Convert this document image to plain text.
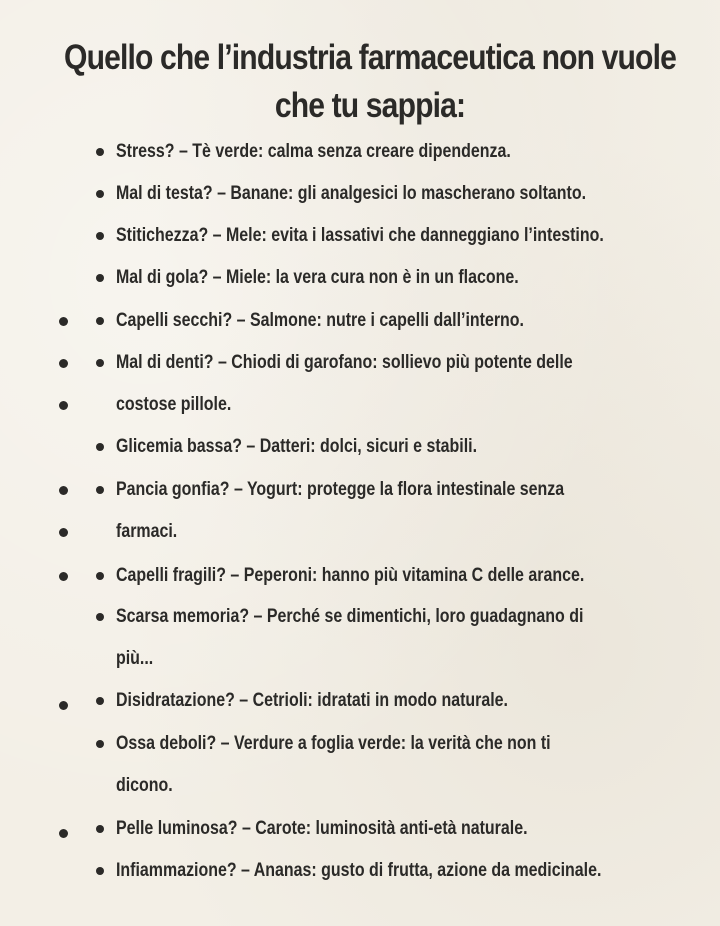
Quello che l’industria farmaceutica non vuole
che tu sappia:
Stress? – Tè verde: calma senza creare dipendenza.
Mal di testa? – Banane: gli analgesici lo mascherano soltanto.
Stitichezza? – Mele: evita i lassativi che danneggiano l’intestino.
Mal di gola? – Miele: la vera cura non è in un flacone.
Capelli secchi? – Salmone: nutre i capelli dall’interno.
Mal di denti? – Chiodi di garofano: sollievo più potente delle
costose pillole.
Glicemia bassa? – Datteri: dolci, sicuri e stabili.
Pancia gonfia? – Yogurt: protegge la flora intestinale senza
farmaci.
Capelli fragili? – Peperoni: hanno più vitamina C delle arance.
Scarsa memoria? – Perché se dimentichi, loro guadagnano di
più...
Disidratazione? – Cetrioli: idratati in modo naturale.
Ossa deboli? – Verdure a foglia verde: la verità che non ti
dicono.
Pelle luminosa? – Carote: luminosità anti-età naturale.
Infiammazione? – Ananas: gusto di frutta, azione da medicinale.
